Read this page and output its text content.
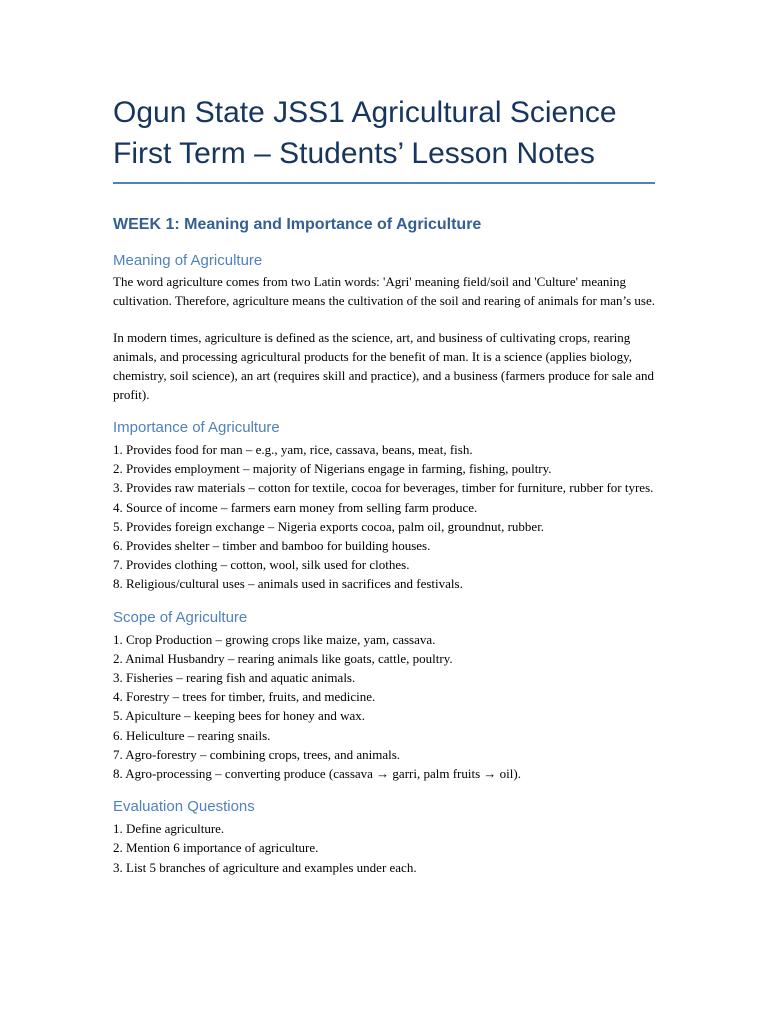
Ogun State JSS1 Agricultural Science
First Term – Students’ Lesson Notes
WEEK 1: Meaning and Importance of Agriculture
Meaning of Agriculture

The word agriculture comes from two Latin words: 'Agri' meaning field/soil and 'Culture' meaning cultivation. Therefore, agriculture means the cultivation of the soil and rearing of animals for man’s use.

In modern times, agriculture is defined as the science, art, and business of cultivating crops, rearing animals, and processing agricultural products for the benefit of man. It is a science (applies biology, chemistry, soil science), an art (requires skill and practice), and a business (farmers produce for sale and profit).

Importance of Agriculture
1. Provides food for man – e.g., yam, rice, cassava, beans, meat, fish.
2. Provides employment – majority of Nigerians engage in farming, fishing, poultry.
3. Provides raw materials – cotton for textile, cocoa for beverages, timber for furniture, rubber for tyres.
4. Source of income – farmers earn money from selling farm produce.
5. Provides foreign exchange – Nigeria exports cocoa, palm oil, groundnut, rubber.
6. Provides shelter – timber and bamboo for building houses.
7. Provides clothing – cotton, wool, silk used for clothes.
8. Religious/cultural uses – animals used in sacrifices and festivals.
Scope of Agriculture
1. Crop Production – growing crops like maize, yam, cassava.
2. Animal Husbandry – rearing animals like goats, cattle, poultry.
3. Fisheries – rearing fish and aquatic animals.
4. Forestry – trees for timber, fruits, and medicine.
5. Apiculture – keeping bees for honey and wax.
6. Heliculture – rearing snails.
7. Agro-forestry – combining crops, trees, and animals.
8. Agro-processing – converting produce (cassava → garri, palm fruits → oil).
Evaluation Questions
1. Define agriculture.
2. Mention 6 importance of agriculture.
3. List 5 branches of agriculture and examples under each.
